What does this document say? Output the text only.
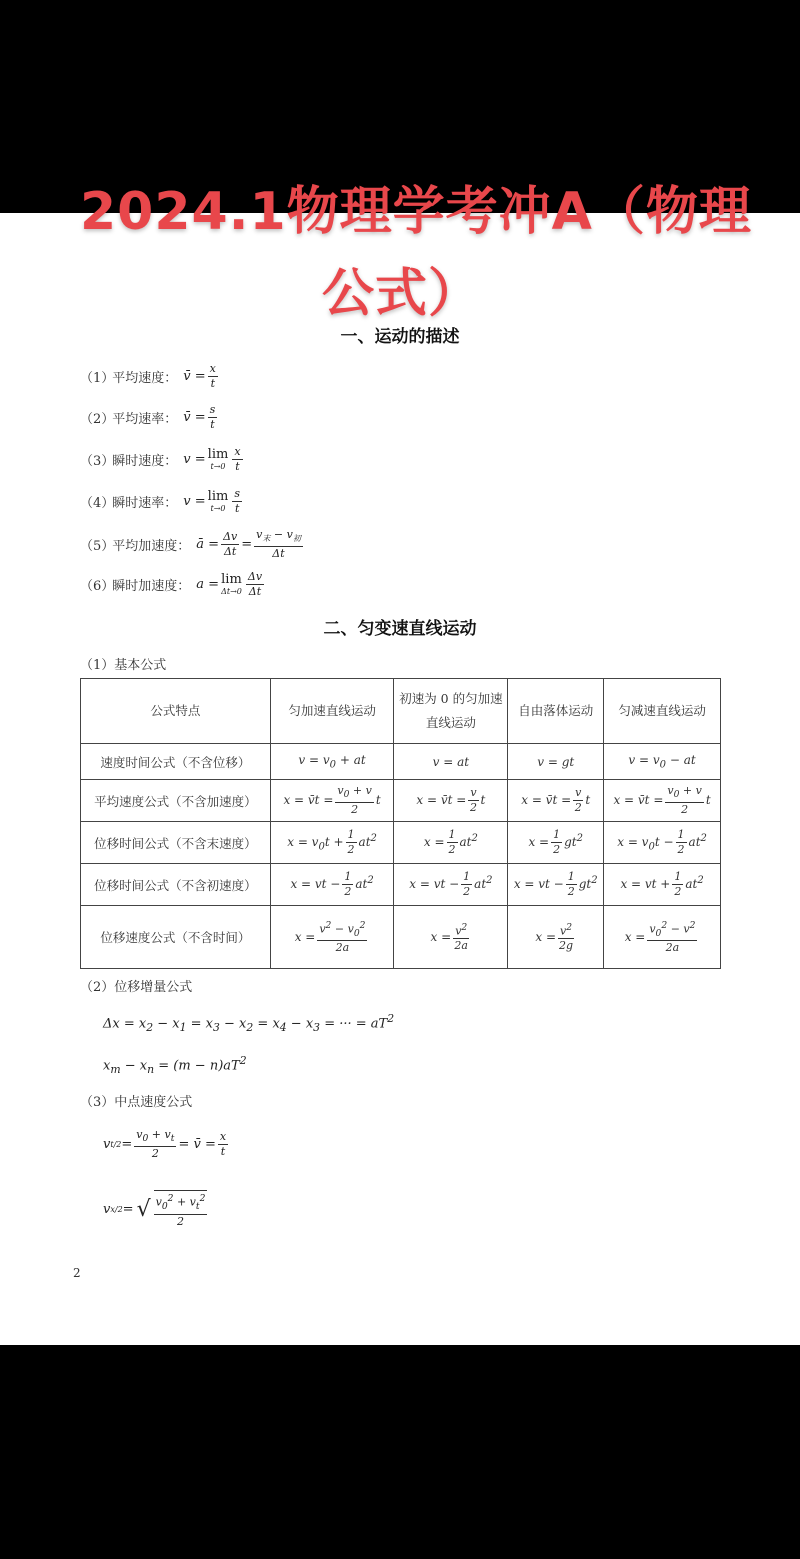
2024.1物理学考冲A（物理
公式）
一、运动的描述
（1）
平均速度： v̄ = $\frac{x}{t}$
（2）
平均速率： v̄ = $\frac{s}{t}$
（3）
瞬时速度： v = lim
$t\to 0 \frac{x}{t}$
（4）
瞬时速率： v = lim
$t\to 0 \frac{s}{t}$
（5）
平均加速度： ā = $\frac{\Delta v}{\Delta t} = \frac{v_末 - v_初}{\Delta t}$
（6）
瞬时加速度： a = lim
$\Delta t\to 0 \frac{\Delta v}{\Delta t}$
二、匀变速直线运动
（1）基本公式
公式特点	匀加速直线运动	初速为 0 的匀加速直线运动	自由落体运动	匀减速直线运动
速度时间公式（不含位移）	$v = v_0$ + at	v = at	v = gt	$v = v_0$ − at
平均速度公式（不含加速度）	x = v̄t = $\frac{v_0 + v}{2}$ t	x = v̄t = $\frac{v}{2}$ t	x = v̄t = $\frac{v}{2}$ t	x = v̄t = $\frac{v_0 + v}{2}$ t
位移时间公式（不含末速度）	$x = v_0t + \frac{1}{2} at^2$	$x = \frac{1}{2} at^2$	$x = \frac{1}{2} gt^2$	$x = v_0t - \frac{1}{2} at^2$
位移时间公式（不含初速度）	x = vt − $\frac{1}{2} at^2$	x = vt − $\frac{1}{2} at^2$	x = vt − $\frac{1}{2} gt^2$	x = vt + $\frac{1}{2} at^2$
位移速度公式（不含时间）	$x = \frac{v^2 - v_0^2}{2a}$	$x = \frac{v^2}{2a}$	$x = \frac{v^2}{2g}$	$x = \frac{v_0^2 - v^2}{2a}$
（2）位移增量公式
$\Delta x = x_2 - x_1 = x_3 - x_2 = x_4 - x_3$ = ··· = $aT^2$
$x_m - x_n = (m - n)aT^2$
（3）中点速度公式
v $t/2 = \frac{v_0 + v_t}{2}$ = v̄ = $\frac{x}{t}$
v x/2 = √ $\frac{v_0^2 + v_t^2}{2}$
2
